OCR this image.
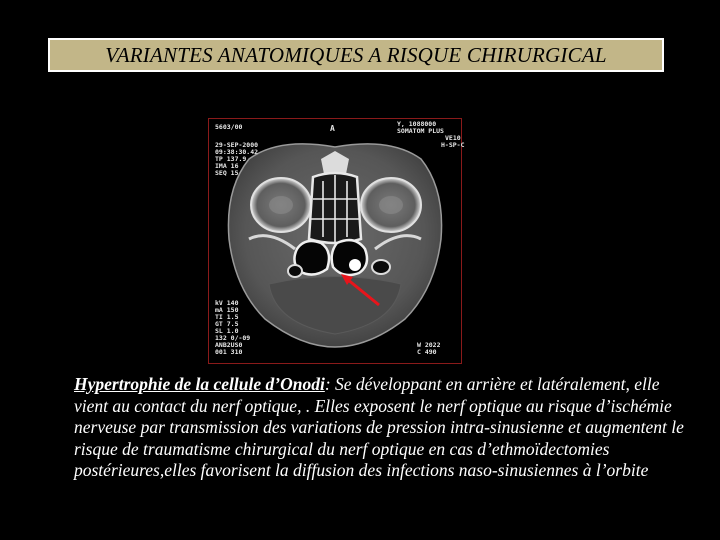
VARIANTES ANATOMIQUES A RISQUE CHIRURGICAL
5603/00	A	Y, 1088000
SOMATOM PLUS
VE10
H-SP-C
29-SEP-2000
09:38:30.42
TP 137.9
IMA 16
SEQ 15
kV 140
mA 150
TI 1.5
GT 7.5
SL 1.0
132 0/-09
ANB2US0
001 310
W 2022
C 490
Hypertrophie de la cellule d’Onodi: Se développant en arrière et latéralement, elle vient au contact du nerf optique, . Elles exposent le nerf optique au risque d’ischémie nerveuse par transmission des variations de pression intra-sinusienne et augmentent le risque de traumatisme chirurgical du nerf optique en cas d’ethmoïdectomies postérieures,elles favorisent la diffusion des infections naso-sinusiennes à l’orbite
